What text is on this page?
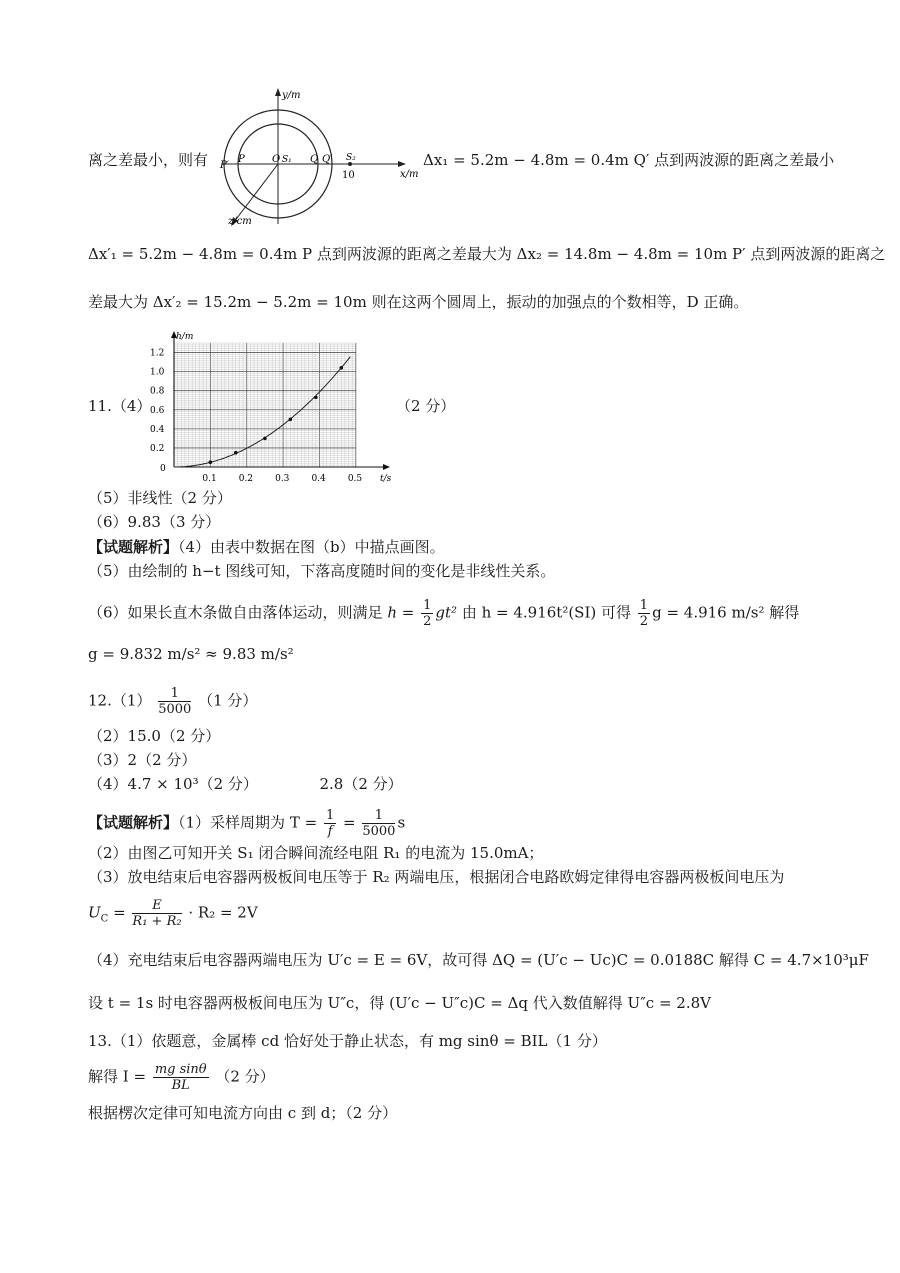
离之差最小，则有
y/m
x/m
z/cm
P′
P	O S₁ Q Q′ S₂
10
Δx₁ = 5.2m − 4.8m = 0.4m Q′ 点到两波源的距离之差最小
Δx′₁ = 5.2m − 4.8m = 0.4m P 点到两波源的距离之差最大为 Δx₂ = 14.8m − 4.8m = 10m P′ 点到两波源的距离之
差最大为 Δx′₂ = 15.2m − 5.2m = 10m 则在这两个圆周上，振动的加强点的个数相等，D 正确。
11.（4）
0.1 0.2 0.3 0.4 0.5
0.2
0.4
0.6
0.8
1.0
1.2
0
t/s
h/m
（2 分）
（5）非线性（2 分）
（6）9.83（3 分）
【试题解析】（4）由表中数据在图（b）中描点画图。
（5）由绘制的 h−t 图线可知，下落高度随时间的变化是非线性关系。
（6）如果长直木条做自由落体运动，则满足 $h = \frac{1}{2} gt^2$ 由 h = 4.916t²(SI) 可得 $\frac{1}{2}$ g = 4.916 m/s² 解得
g = 9.832 m/s² ≈ 9.83 m/s²
$12.(1) \frac{1}{5000} (1$ 分）
（2）15.0（2 分）
（3）2（2 分）
（4）4.7 × 10³（2 分）	2.8（2 分）
【试题解析】（1）采样周期为 $T = \frac{1}{f} = \frac{1}{5000}$ s
（2）由图乙可知开关 S₁ 闭合瞬间流经电阻 R₁ 的电流为 15.0mA；
（3）放电结束后电容器两极板间电压等于 R₂ 两端电压，根据闭合电路欧姆定律得电容器两极板间电压为
$U_C = \frac{E}{\text{R₁ + R₂}} \cdot R_2 = 2V$
（4）充电结束后电容器两端电压为 U′c = E = 6V，故可得 ΔQ = (U′c − Uc)C = 0.0188C 解得 C = 4.7×10³μF
设 t = 1s 时电容器两极板间电压为 U″c，得 (U′c − U″c)C = Δq 代入数值解得 U″c = 2.8V
13.（1）依题意，金属棒 cd 恰好处于静止状态，有 mg sinθ = BIL（1 分）
解得 $I = \frac{\text{mg sinθ}}{BL} (2$ 分）
根据楞次定律可知电流方向由 c 到 d；（2 分）
